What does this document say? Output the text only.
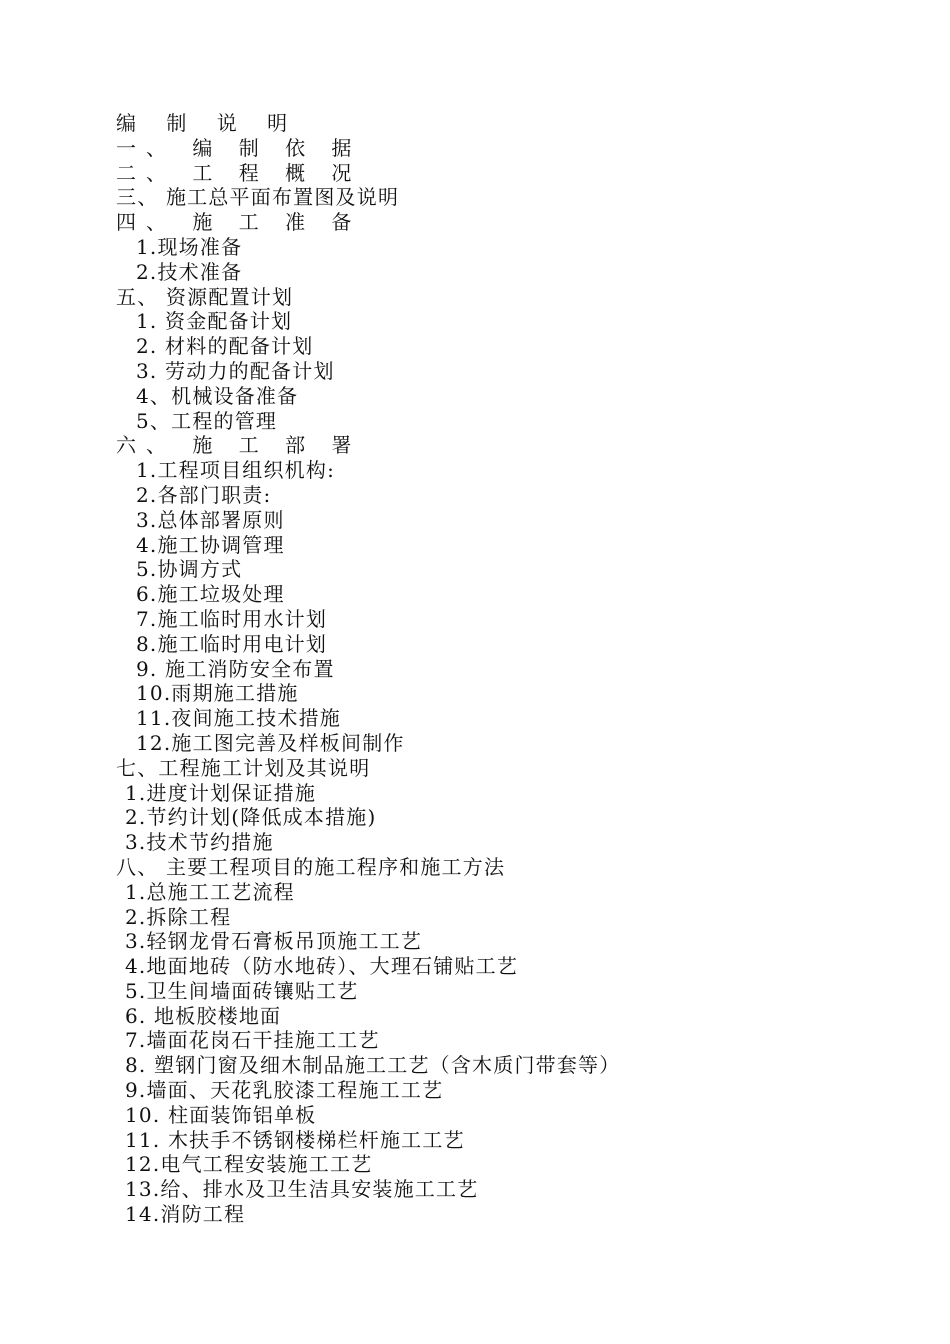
编 制 说 明
一、 编 制 依 据
二、 工 程 概 况
三、 施工总平面布置图及说明
四、 施 工 准 备
1.现场准备
2.技术准备
五、 资源配置计划
1. 资金配备计划
2. 材料的配备计划
3. 劳动力的配备计划
4、机械设备准备
5、工程的管理
六、 施 工 部 署
1.工程项目组织机构:
2.各部门职责:
3.总体部署原则
4.施工协调管理
5.协调方式
6.施工垃圾处理
7.施工临时用水计划
8.施工临时用电计划
9. 施工消防安全布置
10.雨期施工措施
11.夜间施工技术措施
12.施工图完善及样板间制作
七、工程施工计划及其说明
1.进度计划保证措施
2.节约计划(降低成本措施)
3.技术节约措施
八、 主要工程项目的施工程序和施工方法
1.总施工工艺流程
2.拆除工程
3.轻钢龙骨石膏板吊顶施工工艺
4.地面地砖（防水地砖）、大理石铺贴工艺
5.卫生间墙面砖镶贴工艺
6. 地板胶楼地面
7.墙面花岗石干挂施工工艺
8. 塑钢门窗及细木制品施工工艺（含木质门带套等）
9.墙面、天花乳胶漆工程施工工艺
10. 柱面装饰铝单板
11. 木扶手不锈钢楼梯栏杆施工工艺
12.电气工程安装施工工艺
13.给、排水及卫生洁具安装施工工艺
14.消防工程
